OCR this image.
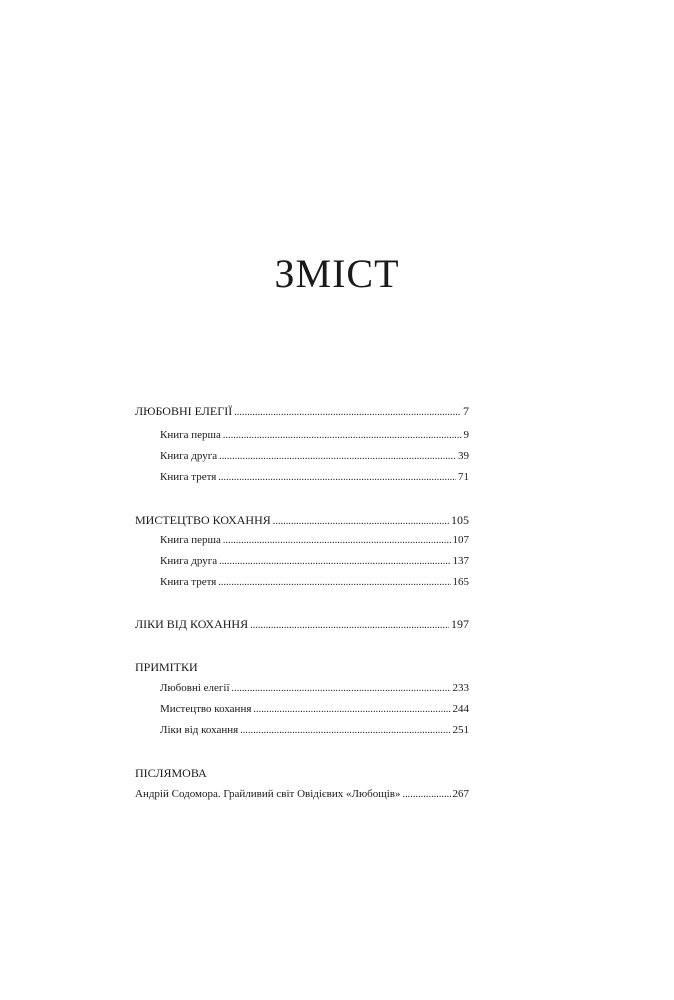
ЗМІСТ
ЛЮБОВНІ ЕЛЕГІЇ . . .	7
Книга перша . . .	9
Книга друга . . .	39
Книга третя . . .	71
МИСТЕЦТВО КОХАННЯ . . .	105
Книга перша . . .	107
Книга друга . . .	137
Книга третя . . .	165
ЛІКИ ВІД КОХАННЯ . . .	197
ПРИМІТКИ
Любовні елегії . . .	233
Мистецтво кохання . . .	244
Ліки від кохання . . .	251
ПІСЛЯМОВА
Андрій Содомора. Грайливий світ Овідієвих «Любощів» . . .	267
